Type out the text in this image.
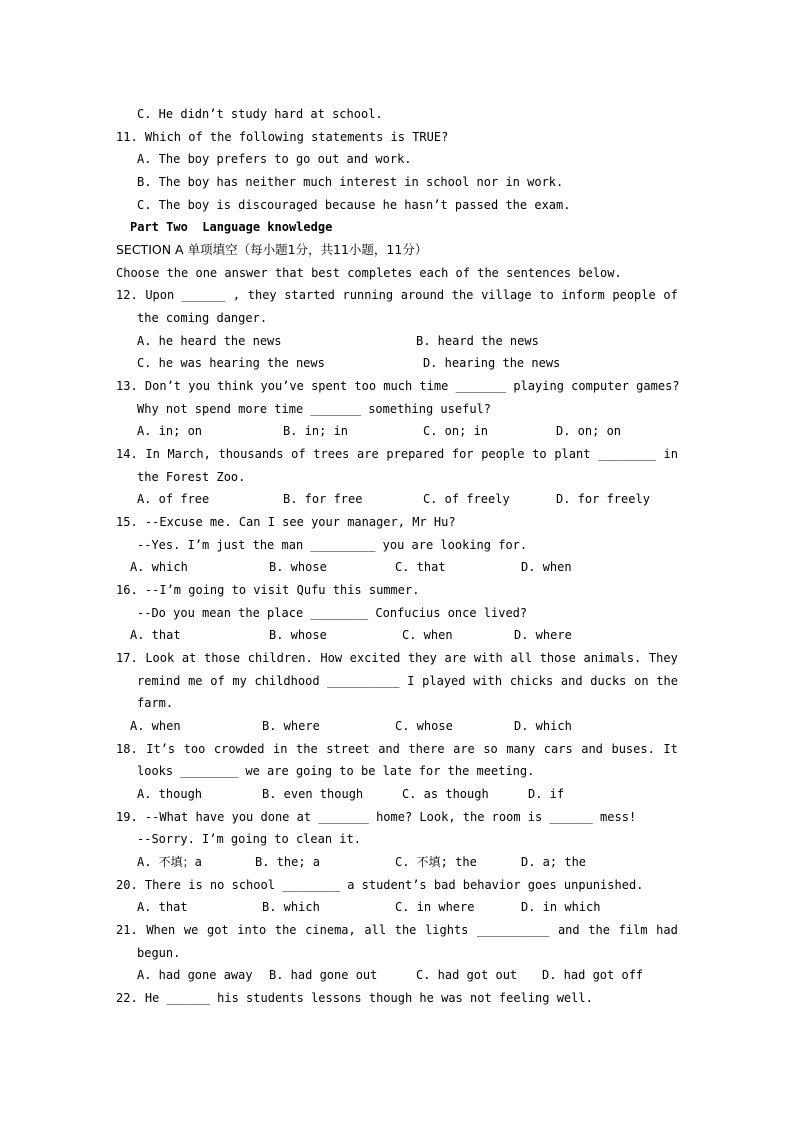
C. He didn’t study hard at school.
11. Which of the following statements is TRUE?
A. The boy prefers to go out and work.
B. The boy has neither much interest in school nor in work.
C. The boy is discouraged because he hasn’t passed the exam.
Part Two  Language knowledge
SECTION A 单项填空（每小题1分，共11小题，11分）
Choose the one answer that best completes each of the sentences below.
12. Upon ______ , they started running around the village to inform people of
the coming danger.
A. he heard the news	B. heard the news
C. he was hearing the news	D. hearing the news
13. Don’t you think you’ve spent too much time _______ playing computer games?
Why not spend more time _______ something useful?
A. in; on	B. in; in	C. on; in	D. on; on
14. In March, thousands of trees are prepared for people to plant ________ in
the Forest Zoo.
A. of free	B. for free	C. of freely	D. for freely
15. --Excuse me. Can I see your manager, Mr Hu?
--Yes. I’m just the man _________ you are looking for.
A. which	B. whose	C. that	D. when
16. --I’m going to visit Qufu this summer.
--Do you mean the place ________ Confucius once lived?
A. that	B. whose	C. when	D. where
17. Look at those children. How excited they are with all those animals. They
remind me of my childhood __________ I played with chicks and ducks on the
farm.
A. when	B. where	C. whose	D. which
18. It’s too crowded in the street and there are so many cars and buses. It
looks ________ we are going to be late for the meeting.
A. though	B. even though	C. as though	D. if
19. --What have you done at _______ home? Look, the room is ______ mess!
--Sorry. I’m going to clean it.
A. 不填；a	B. the; a	C. 不填; the	D. a; the
20. There is no school ________ a student’s bad behavior goes unpunished.
A. that	B. which	C. in where	D. in which
21. When we got into the cinema, all the lights __________ and the film had
begun.
A. had gone away B. had gone out	C. had got out D. had got off
22. He ______ his students lessons though he was not feeling well.
